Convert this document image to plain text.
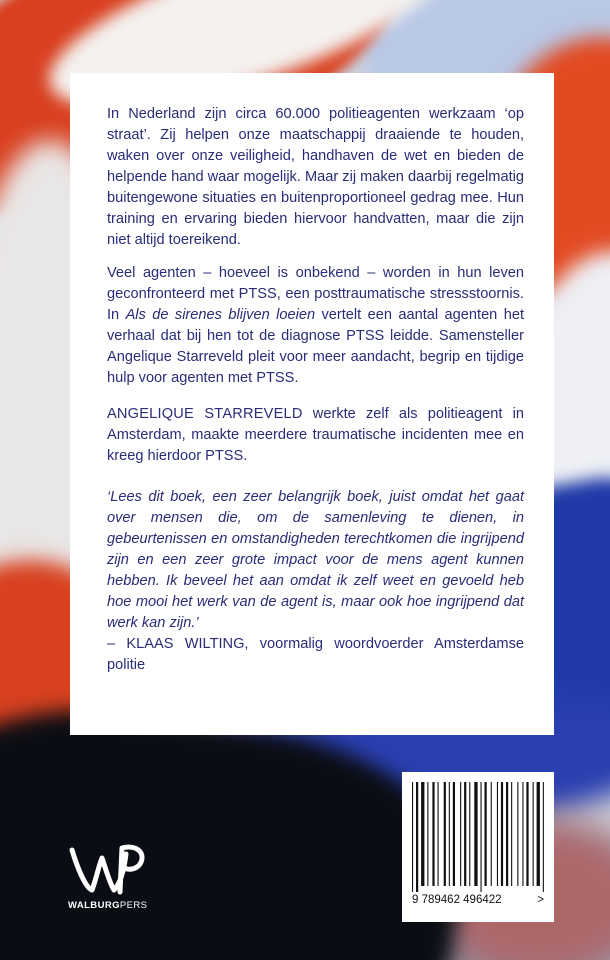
In Nederland zijn circa 60.000 politieagenten werkzaam ‘op straat’. Zij helpen onze maatschappij draaiende te houden, waken over onze veiligheid, handhaven de wet en bieden de helpende hand waar mogelijk. Maar zij maken daarbij regelmatig buitengewone situaties en buitenproportioneel gedrag mee. Hun training en ervaring bieden hiervoor handvatten, maar die zijn niet altijd toereikend.

Veel agenten – hoeveel is onbekend – worden in hun leven geconfronteerd met PTSS, een posttraumatische stressstoornis. In Als de sirenes blijven loeien vertelt een aantal agenten het verhaal dat bij hen tot de diagnose PTSS leidde. Samensteller Angelique Starreveld pleit voor meer aandacht, begrip en tijdige hulp voor agenten met PTSS.

ANGELIQUE STARREVELD werkte zelf als politieagent in Amsterdam, maakte meerdere traumatische incidenten mee en kreeg hierdoor PTSS.

‘Lees dit boek, een zeer belangrijk boek, juist omdat het gaat over mensen die, om de samenleving te dienen, in gebeurtenissen en omstandigheden terechtkomen die ingrijpend zijn en een zeer grote impact voor de mens agent kunnen hebben. Ik beveel het aan omdat ik zelf weet en gevoeld heb hoe mooi het werk van de agent is, maar ook hoe ingrijpend dat werk kan zijn.’

– KLAAS WILTING, voormalig woordvoerder Amsterdamse politie

9 789462 496422	>
WALBURGPERS
